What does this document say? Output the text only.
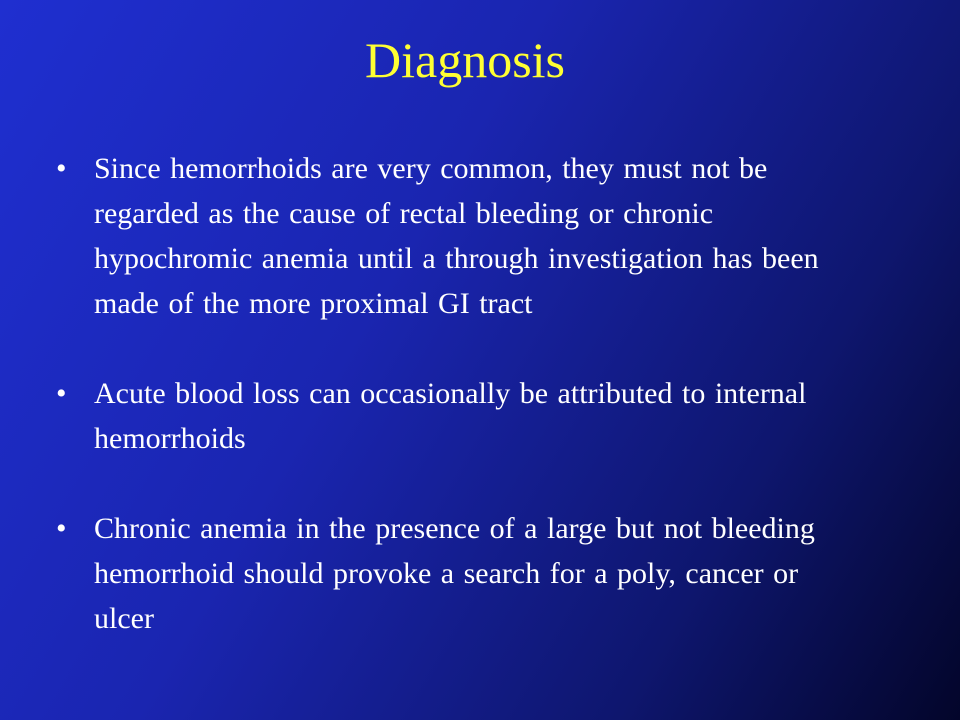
Diagnosis
• Since hemorrhoids are very common, they must not be regarded as the cause of rectal bleeding or chronic hypochromic anemia until a through investigation has been made of the more proximal GI tract
• Acute blood loss can occasionally be attributed to internal hemorrhoids
• Chronic anemia in the presence of a large but not bleeding hemorrhoid should provoke a search for a poly, cancer or ulcer
